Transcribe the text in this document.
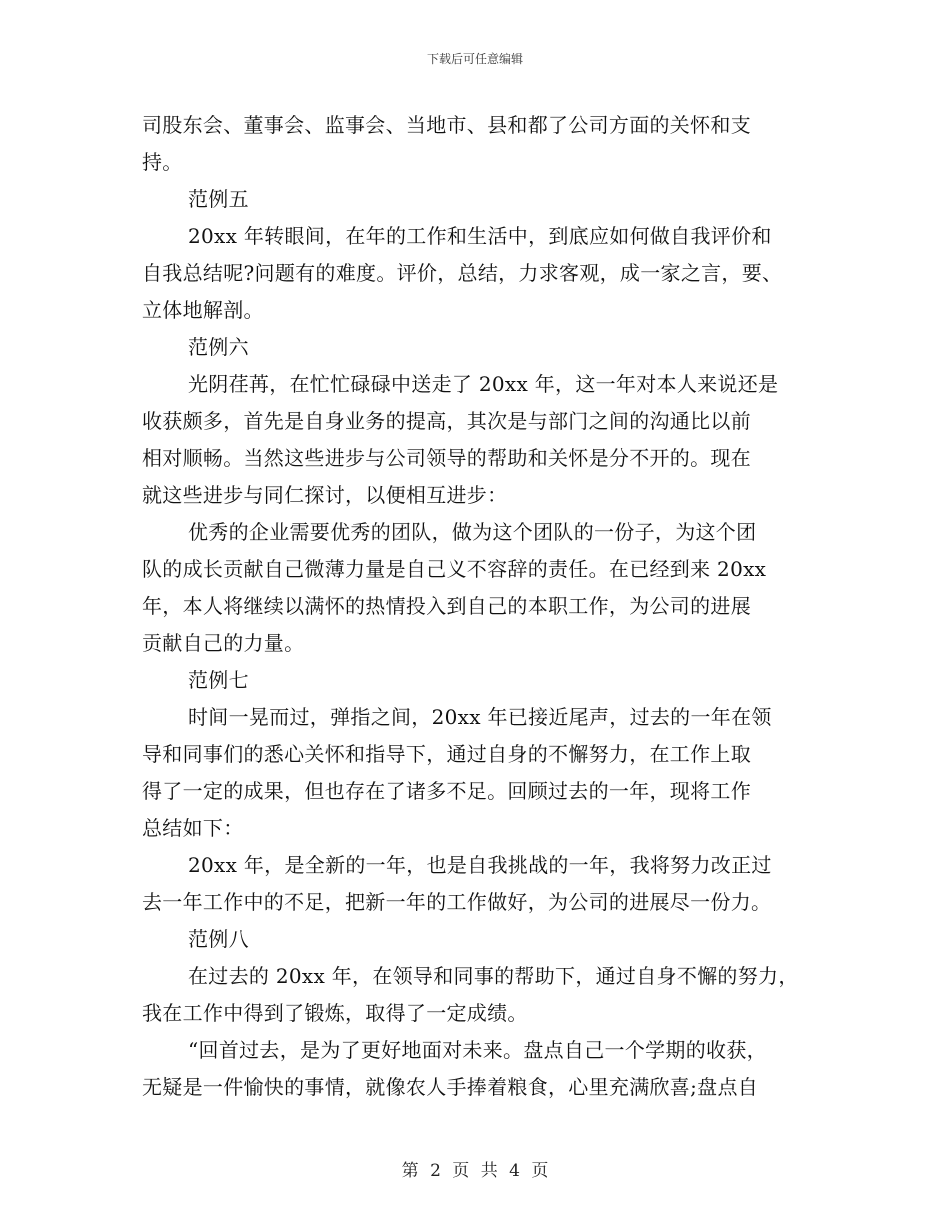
下载后可任意编辑
司股东会、董事会、监事会、当地市、县和都了公司方面的关怀和支
持。
范例五
20xx 年转眼间，在年的工作和生活中，到底应如何做自我评价和
自我总结呢?问题有的难度。评价，总结，力求客观，成一家之言，要、
立体地解剖。
范例六
光阴荏苒，在忙忙碌碌中送走了 20xx 年，这一年对本人来说还是
收获颇多，首先是自身业务的提高，其次是与部门之间的沟通比以前
相对顺畅。当然这些进步与公司领导的帮助和关怀是分不开的。现在
就这些进步与同仁探讨，以便相互进步：
优秀的企业需要优秀的团队，做为这个团队的一份子，为这个团
队的成长贡献自己微薄力量是自己义不容辞的责任。在已经到来 20xx
年，本人将继续以满怀的热情投入到自己的本职工作，为公司的进展
贡献自己的力量。
范例七
时间一晃而过，弹指之间，20xx 年已接近尾声，过去的一年在领
导和同事们的悉心关怀和指导下，通过自身的不懈努力，在工作上取
得了一定的成果，但也存在了诸多不足。回顾过去的一年，现将工作
总结如下：
20xx 年，是全新的一年，也是自我挑战的一年，我将努力改正过
去一年工作中的不足，把新一年的工作做好，为公司的进展尽一份力。
范例八
在过去的 20xx 年，在领导和同事的帮助下，通过自身不懈的努力，
我在工作中得到了锻炼，取得了一定成绩。
“回首过去，是为了更好地面对未来。盘点自己一个学期的收获，
无疑是一件愉快的事情，就像农人手捧着粮食，心里充满欣喜;盘点自
第 2 页 共 4 页
